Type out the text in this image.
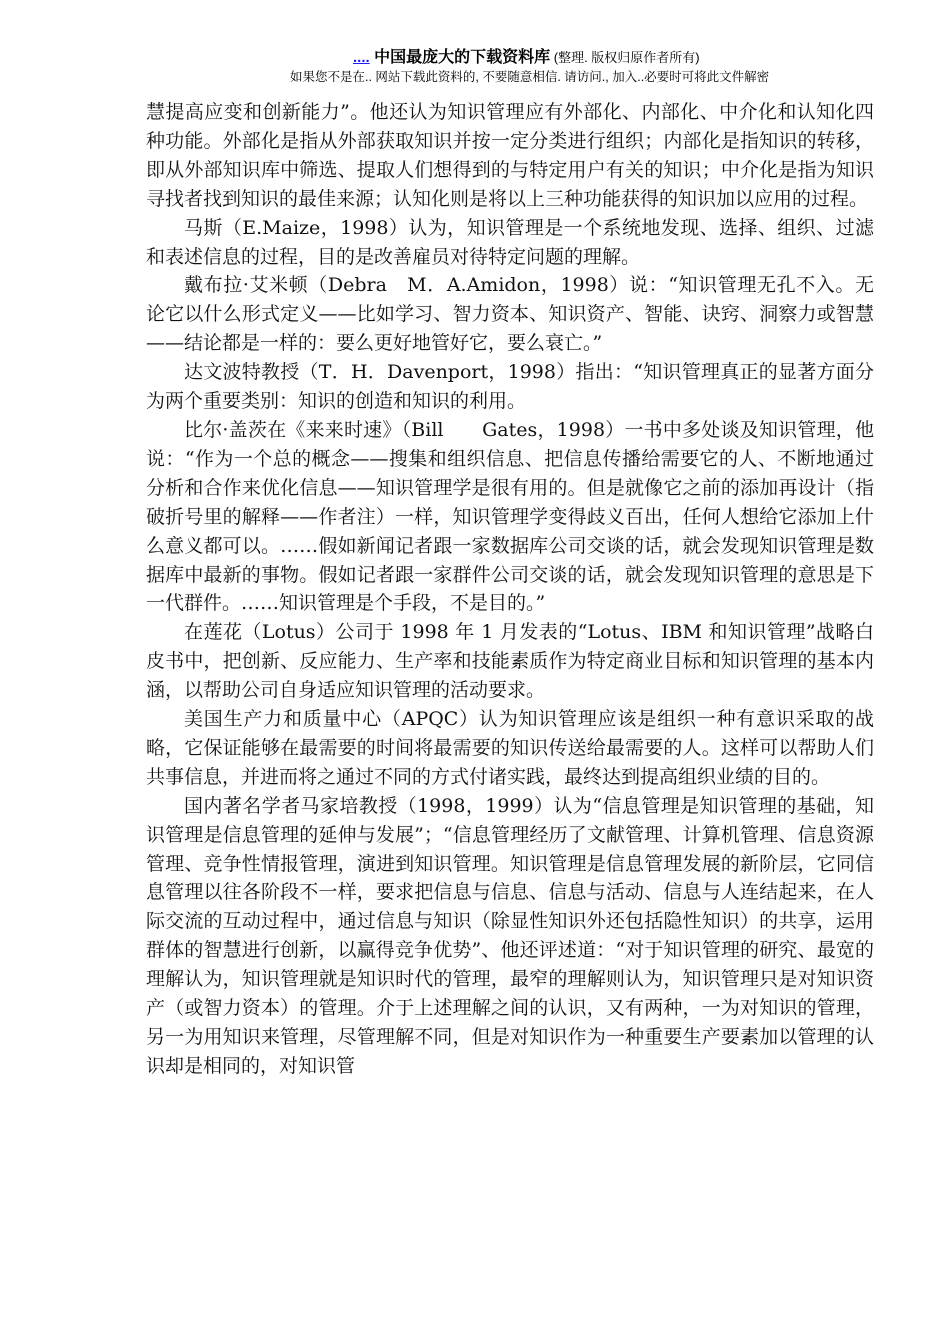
.... 中国最庞大的下载资料库 (整理. 版权归原作者所有)
如果您不是在.. 网站下载此资料的, 不要随意相信. 请访问., 加入..必要时可将此文件解密

慧提高应变和创新能力”。他还认为知识管理应有外部化、内部化、中介化和认知化四种功能。外部化是指从外部获取知识并按一定分类进行组织；内部化是指知识的转移，即从外部知识库中筛选、提取人们想得到的与特定用户有关的知识；中介化是指为知识寻找者找到知识的最佳来源；认知化则是将以上三种功能获得的知识加以应用的过程。

马斯（E.Maize，1998）认为，知识管理是一个系统地发现、选择、组织、过滤和表述信息的过程，目的是改善雇员对待特定问题的理解。

戴布拉·艾米顿（Debra　M．A.Amidon，1998）说：“知识管理无孔不入。无论它以什么形式定义——比如学习、智力资本、知识资产、智能、诀窍、洞察力或智慧——结论都是一样的：要么更好地管好它，要么衰亡。”

达文波特教授（T．H．Davenport，1998）指出：“知识管理真正的显著方面分为两个重要类别：知识的创造和知识的利用。

比尔·盖茨在《来来时速》（Bill　　Gates，1998）一书中多处谈及知识管理，他说：“作为一个总的概念——搜集和组织信息、把信息传播给需要它的人、不断地通过分析和合作来优化信息——知识管理学是很有用的。但是就像它之前的添加再设计（指破折号里的解释——作者注）一样，知识管理学变得歧义百出，任何人想给它添加上什么意义都可以。……假如新闻记者跟一家数据库公司交谈的话，就会发现知识管理是数据库中最新的事物。假如记者跟一家群件公司交谈的话，就会发现知识管理的意思是下一代群件。……知识管理是个手段，不是目的。”

在莲花（Lotus）公司于 1998 年 1 月发表的“Lotus、IBM 和知识管理”战略白皮书中，把创新、反应能力、生产率和技能素质作为特定商业目标和知识管理的基本内涵，以帮助公司自身适应知识管理的活动要求。

美国生产力和质量中心（APQC）认为知识管理应该是组织一种有意识采取的战略，它保证能够在最需要的时间将最需要的知识传送给最需要的人。这样可以帮助人们共事信息，并进而将之通过不同的方式付诸实践，最终达到提高组织业绩的目的。

国内著名学者马家培教授（1998，1999）认为“信息管理是知识管理的基础，知识管理是信息管理的延伸与发展”；“信息管理经历了文献管理、计算机管理、信息资源管理、竞争性情报管理，演进到知识管理。知识管理是信息管理发展的新阶层，它同信息管理以往各阶段不一样，要求把信息与信息、信息与活动、信息与人连结起来，在人际交流的互动过程中，通过信息与知识（除显性知识外还包括隐性知识）的共享，运用群体的智慧进行创新，以赢得竞争优势”、他还评述道：“对于知识管理的研究、最宽的理解认为，知识管理就是知识时代的管理，最窄的理解则认为，知识管理只是对知识资产（或智力资本）的管理。介于上述理解之间的认识，又有两种，一为对知识的管理，另一为用知识来管理，尽管理解不同，但是对知识作为一种重要生产要素加以管理的认识却是相同的，对知识管
